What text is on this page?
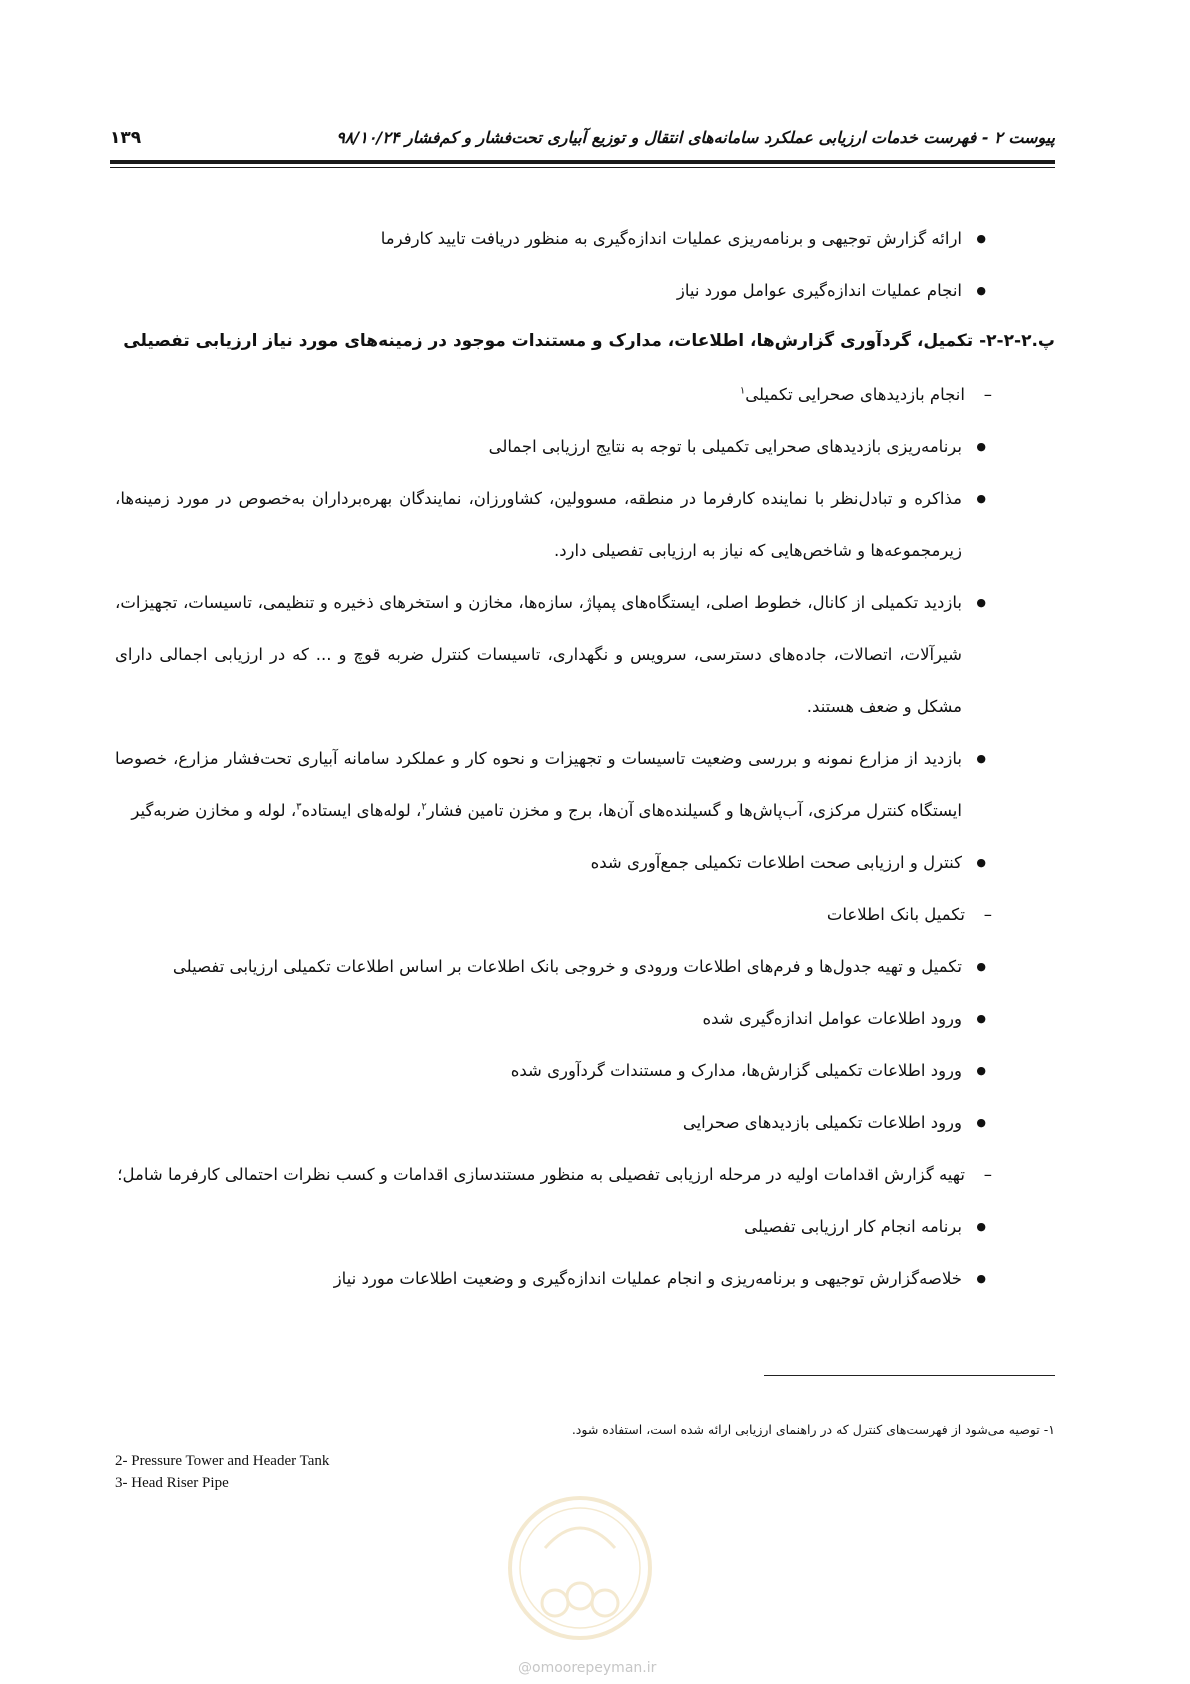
پیوست ۲ - فهرست خدمات ارزیابی عملکرد سامانه‌های انتقال و توزیع آبیاری تحت‌فشار و کم‌فشار ۹۸/۱۰/۲۴
۱۳۹

● ارائه گزارش توجیهی و برنامه‌ریزی عملیات اندازه‌گیری به منظور دریافت تایید کارفرما

● انجام عملیات اندازه‌گیری عوامل مورد نیاز

پ.۲-۲-۲- تکمیل، گردآوری گزارش‌ها، اطلاعات، مدارک و مستندات موجود در زمینه‌های مورد نیاز ارزیابی تفصیلی

– انجام بازدیدهای صحرایی تکمیلی$^۱$

● برنامه‌ریزی بازدیدهای صحرایی تکمیلی با توجه به نتایج ارزیابی اجمالی

● مذاکره و تبادل‌نظر با نماینده کارفرما در منطقه، مسوولین، کشاورزان، نمایندگان بهره‌برداران به‌خصوص در مورد زمینه‌ها، زیرمجموعه‌ها و شاخص‌هایی که نیاز به ارزیابی تفصیلی دارد.

● بازدید تکمیلی از کانال، خطوط اصلی، ایستگاه‌های پمپاژ، سازه‌ها، مخازن و استخرهای ذخیره و تنظیمی، تاسیسات، تجهیزات، شیرآلات، اتصالات، جاده‌های دسترسی، سرویس و نگهداری، تاسیسات کنترل ضربه قوچ و ... که در ارزیابی اجمالی دارای مشکل و ضعف هستند.

● بازدید از مزارع نمونه و بررسی وضعیت تاسیسات و تجهیزات و نحوه کار و عملکرد سامانه آبیاری تحت‌فشار مزارع، خصوصا ایستگاه کنترل مرکزی، آب‌پاش‌ها و گسیلنده‌های آن‌ها، برج و مخزن تامین فشار$^۲$، لوله‌های ایستاده$^۳$، لوله و مخازن ضربه‌گیر

● کنترل و ارزیابی صحت اطلاعات تکمیلی جمع‌آوری شده

– تکمیل بانک اطلاعات

● تکمیل و تهیه جدول‌ها و فرم‌های اطلاعات ورودی و خروجی بانک اطلاعات بر اساس اطلاعات تکمیلی ارزیابی تفصیلی

● ورود اطلاعات عوامل اندازه‌گیری شده

● ورود اطلاعات تکمیلی گزارش‌ها، مدارک و مستندات گردآوری شده

● ورود اطلاعات تکمیلی بازدیدهای صحرایی

– تهیه گزارش اقدامات اولیه در مرحله ارزیابی تفصیلی به منظور مستندسازی اقدامات و کسب نظرات احتمالی کارفرما شامل؛

● برنامه انجام کار ارزیابی تفصیلی

● خلاصه‌گزارش توجیهی و برنامه‌ریزی و انجام عملیات اندازه‌گیری و وضعیت اطلاعات مورد نیاز

۱- توصیه می‌شود از فهرست‌های کنترل که در راهنمای ارزیابی ارائه شده است، استفاده شود.
2- Pressure Tower and Header Tank
3- Head Riser Pipe
@omoorepeyman.ir
